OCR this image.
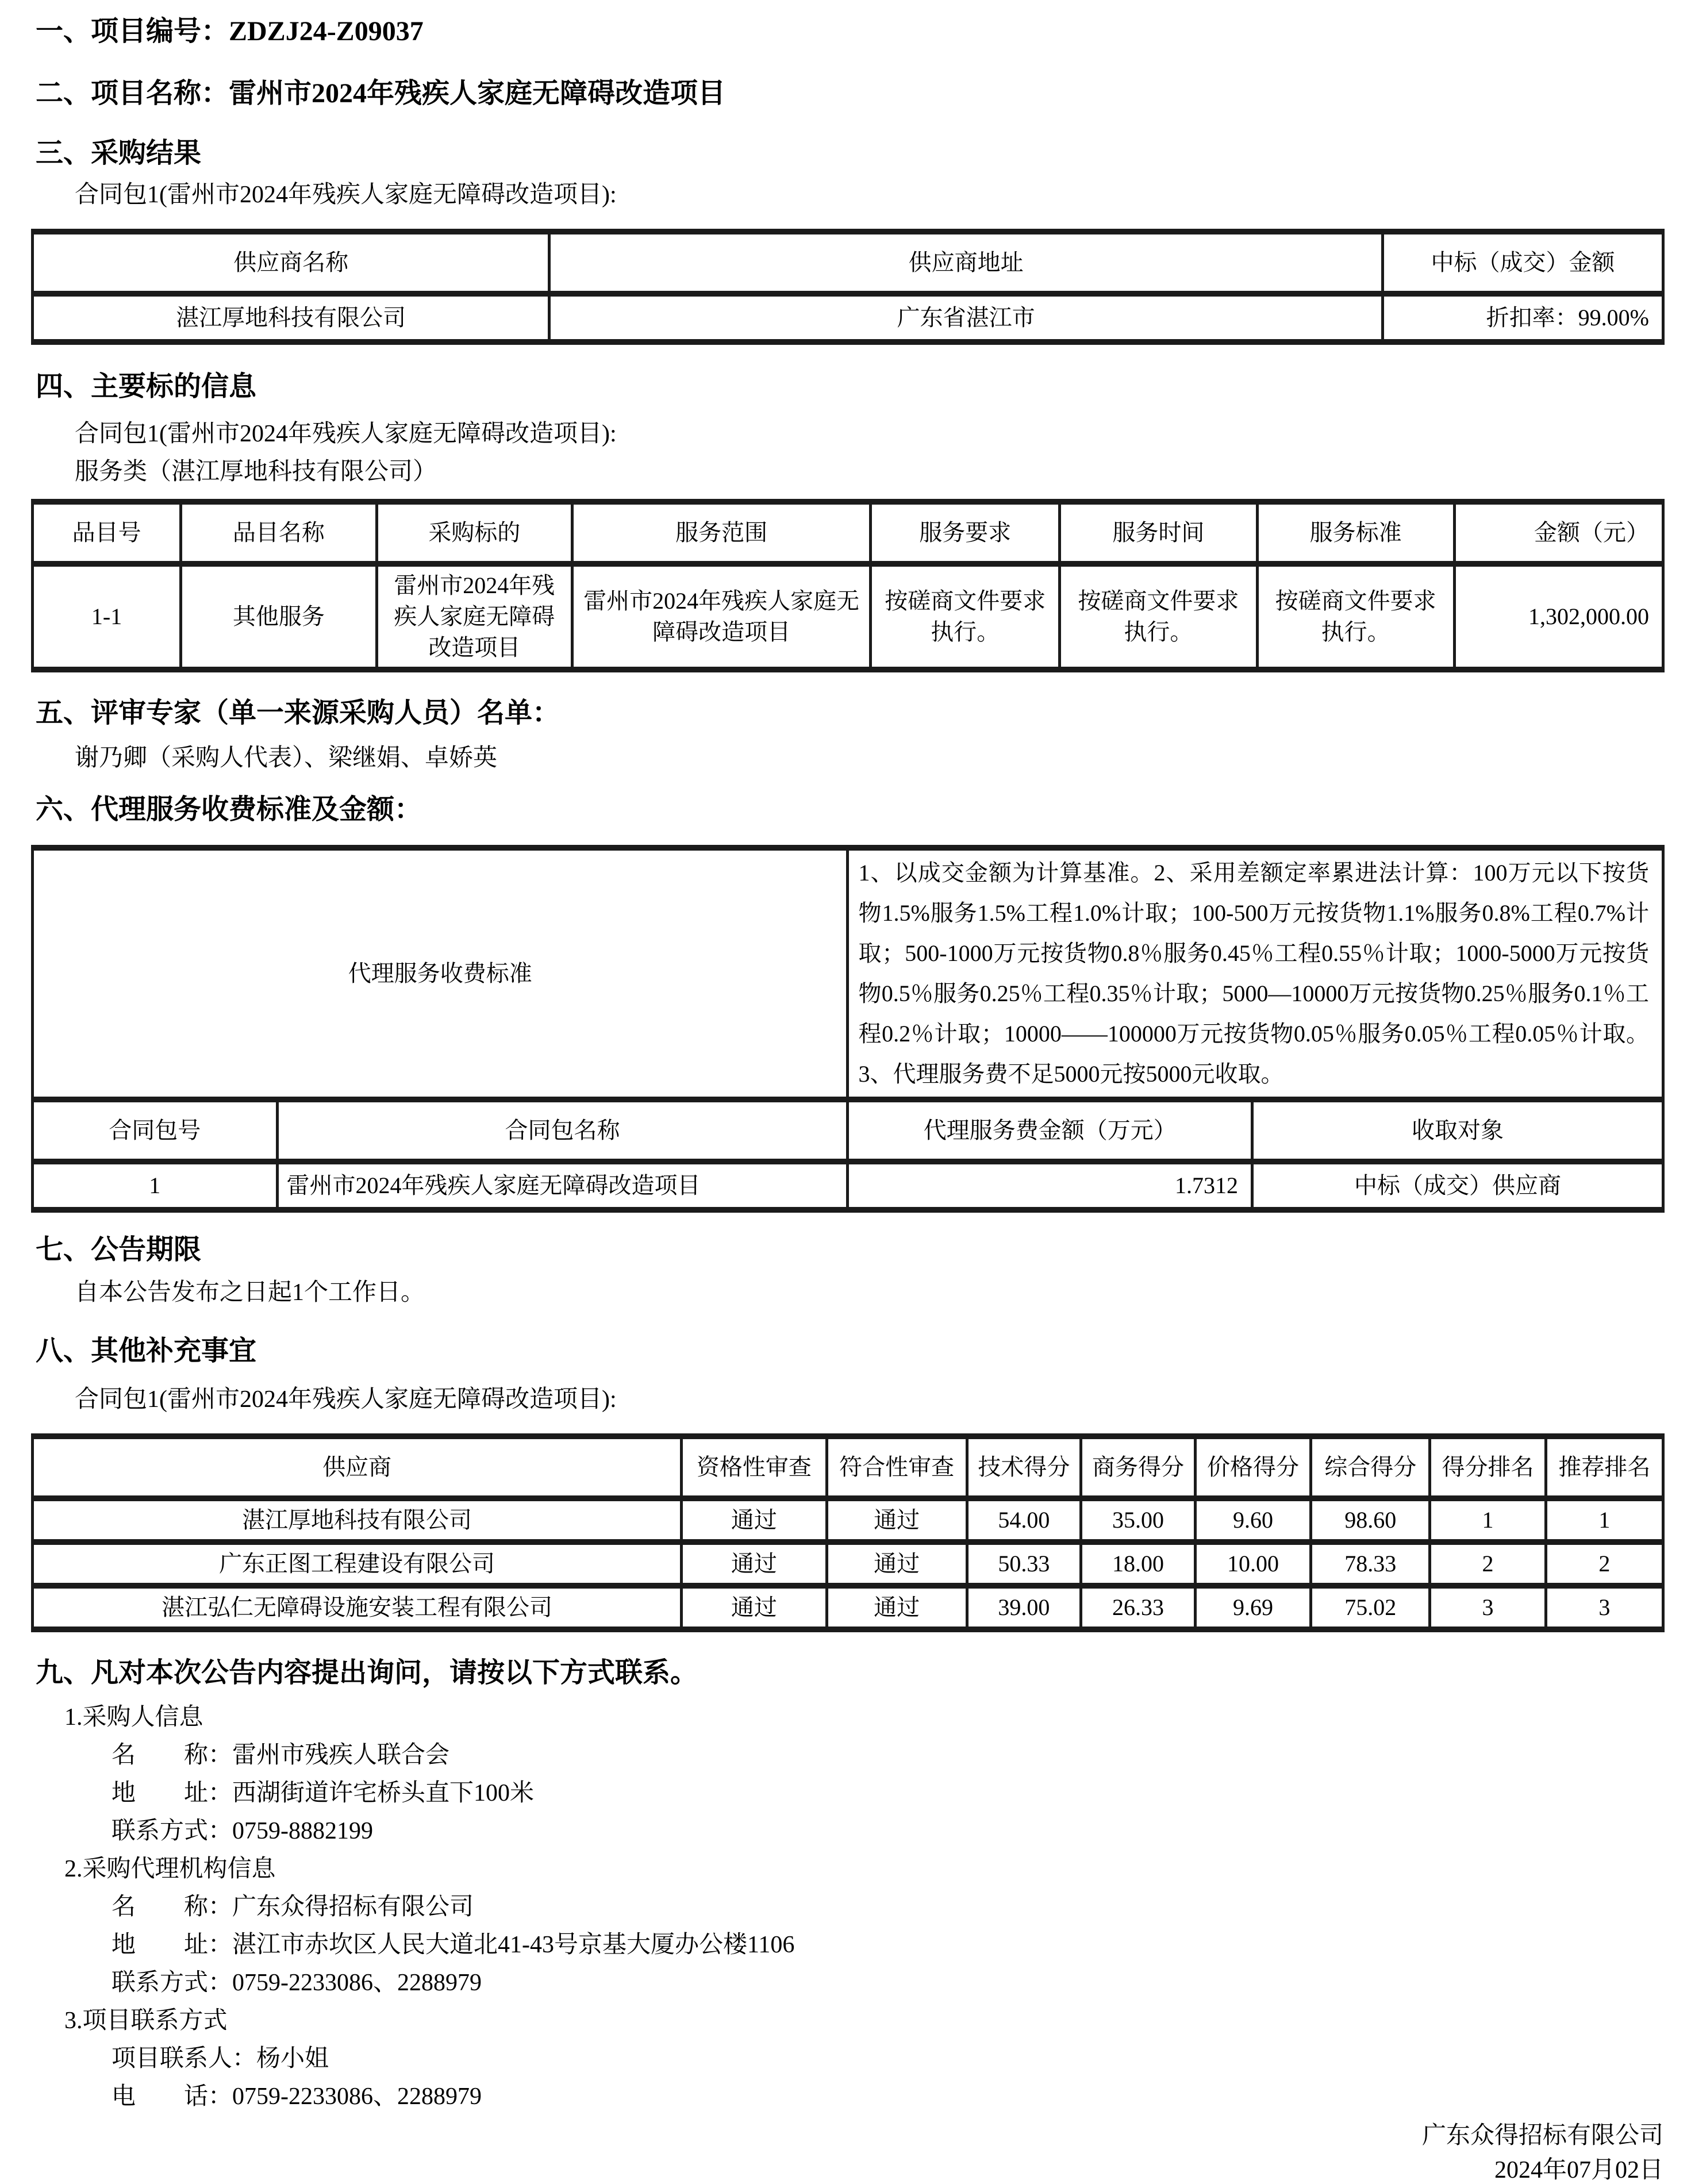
一、项目编号：ZDZJ24-Z09037
二、项目名称：雷州市2024年残疾人家庭无障碍改造项目
三、采购结果
合同包1(雷州市2024年残疾人家庭无障碍改造项目):
供应商名称	供应商地址	中标（成交）金额
湛江厚地科技有限公司	广东省湛江市	折扣率：99.00%
四、主要标的信息
合同包1(雷州市2024年残疾人家庭无障碍改造项目):
服务类（湛江厚地科技有限公司）
品目号	品目名称	采购标的	服务范围	服务要求	服务时间	服务标准	金额（元）
1-1	其他服务	雷州市2024年残疾人家庭无障碍改造项目	雷州市2024年残疾人家庭无障碍改造项目	按磋商文件要求执行。	按磋商文件要求执行。	按磋商文件要求执行。	1,302,000.00
五、评审专家（单一来源采购人员）名单：
谢乃卿（采购人代表）、梁继娟、卓娇英
六、代理服务收费标准及金额：
代理服务收费标准		1、以成交金额为计算基准。2、采用差额定率累进法计算：100万元以下按货物1.5%服务1.5%工程1.0%计取；100-500万元按货物1.1%服务0.8%工程0.7%计取；500-1000万元按货物0.8％服务0.45％工程0.55％计取；1000-5000万元按货物0.5％服务0.25％工程0.35％计取；5000—10000万元按货物0.25％服务0.1％工程0.2％计取；10000——100000万元按货物0.05％服务0.05％工程0.05％计取。3、代理服务费不足5000元按5000元收取。	
合同包号	合同包名称	代理服务费金额（万元）	收取对象
1	雷州市2024年残疾人家庭无障碍改造项目	1.7312	中标（成交）供应商
七、公告期限
自本公告发布之日起1个工作日。
八、其他补充事宜
合同包1(雷州市2024年残疾人家庭无障碍改造项目):
供应商	资格性审查	符合性审查	技术得分	商务得分	价格得分	综合得分	得分排名	推荐排名
湛江厚地科技有限公司	通过	通过	54.00	35.00	9.60	98.60	1	1
广东正图工程建设有限公司	通过	通过	50.33	18.00	10.00	78.33	2	2
湛江弘仁无障碍设施安装工程有限公司	通过	通过	39.00	26.33	9.69	75.02	3	3
九、凡对本次公告内容提出询问，请按以下方式联系。
1.采购人信息
名　　称：雷州市残疾人联合会
地　　址：西湖街道许宅桥头直下100米
联系方式：0759-8882199
2.采购代理机构信息
名　　称：广东众得招标有限公司
地　　址：湛江市赤坎区人民大道北41-43号京基大厦办公楼1106
联系方式：0759-2233086、2288979
3.项目联系方式
项目联系人：杨小姐
电　　话：0759-2233086、2288979
广东众得招标有限公司
2024年07月02日
